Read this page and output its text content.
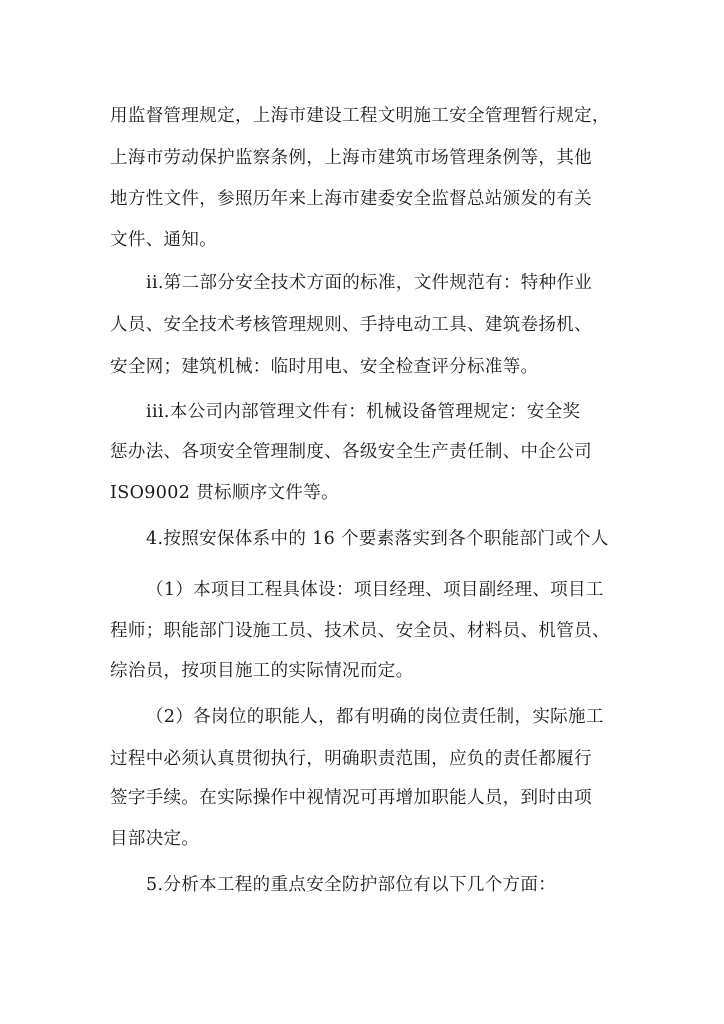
用监督管理规定，上海市建设工程文明施工安全管理暂行规定，
上海市劳动保护监察条例，上海市建筑市场管理条例等，其他
地方性文件，参照历年来上海市建委安全监督总站颁发的有关
文件、通知。
ii.第二部分安全技术方面的标准，文件规范有：特种作业
人员、安全技术考核管理规则、手持电动工具、建筑卷扬机、
安全网；建筑机械：临时用电、安全检查评分标准等。
iii.本公司内部管理文件有：机械设备管理规定：安全奖
惩办法、各项安全管理制度、各级安全生产责任制、中企公司
ISO9002 贯标顺序文件等。
4.按照安保体系中的 16 个要素落实到各个职能部门或个人
（1）本项目工程具体设：项目经理、项目副经理、项目工
程师；职能部门设施工员、技术员、安全员、材料员、机管员、
综治员，按项目施工的实际情况而定。
（2）各岗位的职能人，都有明确的岗位责任制，实际施工
过程中必须认真贯彻执行，明确职责范围，应负的责任都履行
签字手续。在实际操作中视情况可再增加职能人员，到时由项
目部决定。
5.分析本工程的重点安全防护部位有以下几个方面：
